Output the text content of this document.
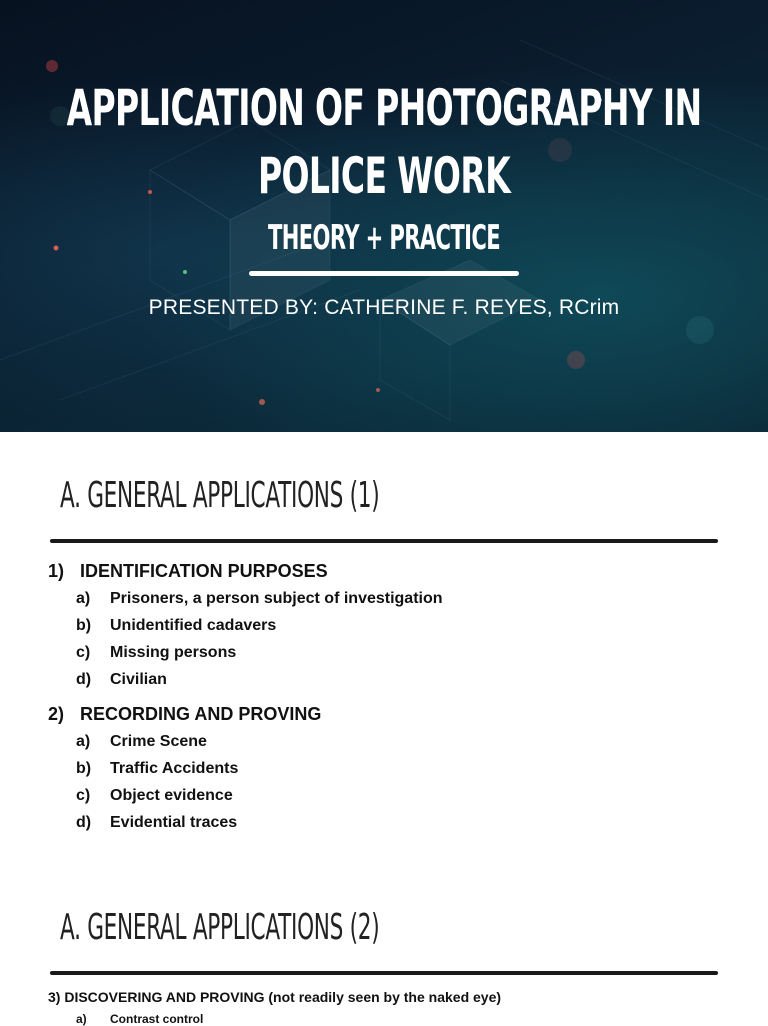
APPLICATION OF PHOTOGRAPHY IN POLICE WORK
THEORY + PRACTICE
PRESENTED BY: CATHERINE F. REYES, RCrim
A. GENERAL APPLICATIONS (1)
1) IDENTIFICATION PURPOSES
a)	Prisoners, a person subject of investigation
b)	Unidentified cadavers
c)	Missing persons
d)	Civilian
2) RECORDING AND PROVING
a)	Crime Scene
b)	Traffic Accidents
c)	Object evidence
d)	Evidential traces
A. GENERAL APPLICATIONS (2)
3) DISCOVERING AND PROVING (not readily seen by the naked eye)
a)	Contrast control
